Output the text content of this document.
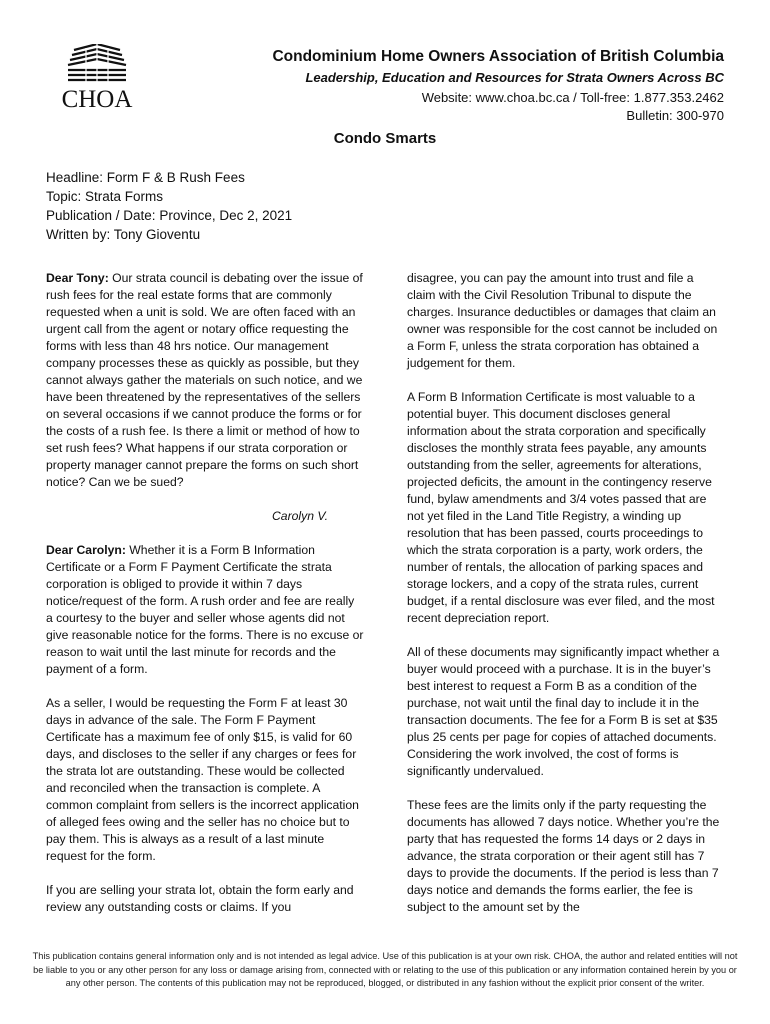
CHOA
Condominium Home Owners Association of British Columbia
Leadership, Education and Resources for Strata Owners Across BC
Website: www.choa.bc.ca / Toll-free: 1.877.353.2462
Bulletin: 300-970
Condo Smarts
Headline: Form F & B Rush Fees
Topic: Strata Forms
Publication / Date: Province, Dec 2, 2021
Written by: Tony Gioventu

Dear Tony: Our strata council is debating over the issue of rush fees for the real estate forms that are commonly requested when a unit is sold. We are often faced with an urgent call from the agent or notary office requesting the forms with less than 48 hrs notice. Our management company processes these as quickly as possible, but they cannot always gather the materials on such notice, and we have been threatened by the representatives of the sellers on several occasions if we cannot produce the forms or for the costs of a rush fee. Is there a limit or method of how to set rush fees? What happens if our strata corporation or property manager cannot prepare the forms on such short notice? Can we be sued?

Carolyn V.

Dear Carolyn: Whether it is a Form B Information Certificate or a Form F Payment Certificate the strata corporation is obliged to provide it within 7 days notice/request of the form. A rush order and fee are really a courtesy to the buyer and seller whose agents did not give reasonable notice for the forms. There is no excuse or reason to wait until the last minute for records and the payment of a form.

As a seller, I would be requesting the Form F at least 30 days in advance of the sale. The Form F Payment Certificate has a maximum fee of only $15, is valid for 60 days, and discloses to the seller if any charges or fees for the strata lot are outstanding. These would be collected and reconciled when the transaction is complete. A common complaint from sellers is the incorrect application of alleged fees owing and the seller has no choice but to pay them. This is always as a result of a last minute request for the form.

If you are selling your strata lot, obtain the form early and review any outstanding costs or claims. If you

disagree, you can pay the amount into trust and file a claim with the Civil Resolution Tribunal to dispute the charges. Insurance deductibles or damages that claim an owner was responsible for the cost cannot be included on a Form F, unless the strata corporation has obtained a judgement for them.

A Form B Information Certificate is most valuable to a potential buyer. This document discloses general information about the strata corporation and specifically discloses the monthly strata fees payable, any amounts outstanding from the seller, agreements for alterations, projected deficits, the amount in the contingency reserve fund, bylaw amendments and 3/4 votes passed that are not yet filed in the Land Title Registry, a winding up resolution that has been passed, courts proceedings to which the strata corporation is a party, work orders, the number of rentals, the allocation of parking spaces and storage lockers, and a copy of the strata rules, current budget, if a rental disclosure was ever filed, and the most recent depreciation report.

All of these documents may significantly impact whether a buyer would proceed with a purchase. It is in the buyer’s best interest to request a Form B as a condition of the purchase, not wait until the final day to include it in the transaction documents. The fee for a Form B is set at $35 plus 25 cents per page for copies of attached documents. Considering the work involved, the cost of forms is significantly undervalued.

These fees are the limits only if the party requesting the documents has allowed 7 days notice. Whether you’re the party that has requested the forms 14 days or 2 days in advance, the strata corporation or their agent still has 7 days to provide the documents. If the period is less than 7 days notice and demands the forms earlier, the fee is subject to the amount set by the

This publication contains general information only and is not intended as legal advice. Use of this publication is at your own risk. CHOA, the author and related entities will not be liable to you or any other person for any loss or damage arising from, connected with or relating to the use of this publication or any information contained herein by you or any other person. The contents of this publication may not be reproduced, blogged, or distributed in any fashion without the explicit prior consent of the writer.
